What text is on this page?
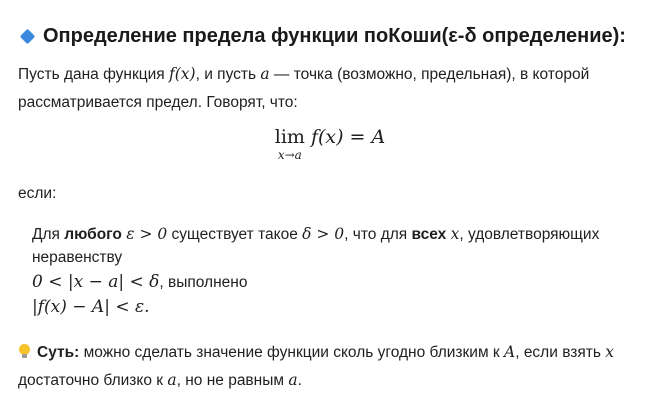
Определение предела функции по Коши (ε-δ определение):
Пусть дана функция f(x), и пусть a — точка (возможно, предельная), в которой
рассматривается предел. Говорят, что:
lim
x→a
f(x) = A
если:
Для любого ε > 0 существует такое δ > 0, что для всех x, удовлетворяющих
неравенству
0 < |x − a| < δ, выполнено
|f(x) − A| < ε.
Суть: можно сделать значение функции сколь угодно близким к A, если взять x
достаточно близко к a, но не равным a.
